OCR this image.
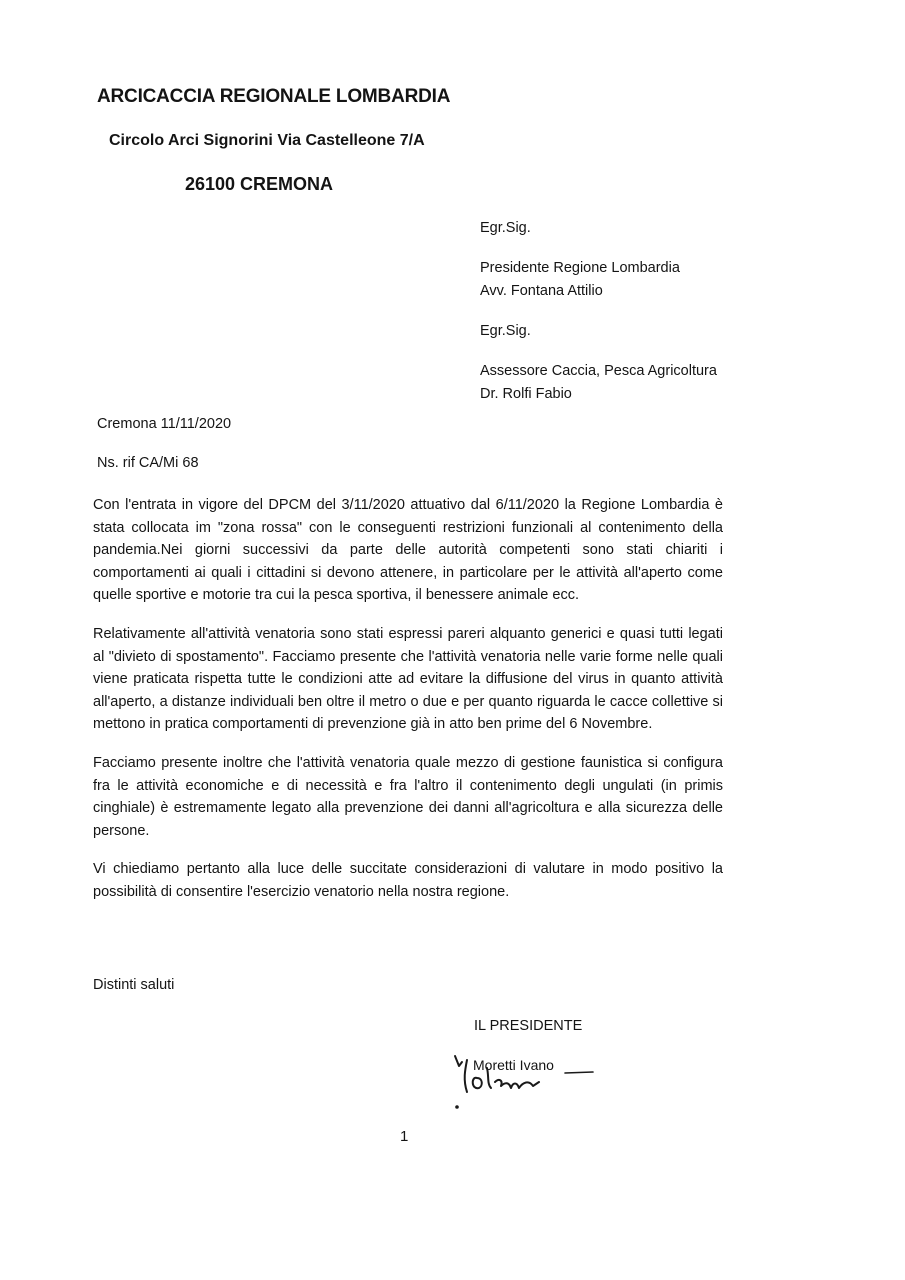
ARCICACCIA REGIONALE LOMBARDIA
Circolo Arci Signorini Via Castelleone 7/A
26100 CREMONA
Egr.Sig.
Presidente Regione Lombardia
Avv. Fontana Attilio
Egr.Sig.
Assessore Caccia, Pesca Agricoltura
Dr. Rolfi Fabio
Cremona 11/11/2020
Ns. rif CA/Mi 68

Con l'entrata in vigore del DPCM del 3/11/2020 attuativo dal 6/11/2020 la Regione Lombardia è stata collocata im "zona rossa" con le conseguenti restrizioni funzionali al contenimento della pandemia.Nei giorni successivi da parte delle autorità competenti sono stati chiariti i comportamenti ai quali i cittadini si devono attenere, in particolare per le attività all'aperto come quelle sportive e motorie tra cui la pesca sportiva, il benessere animale ecc.

Relativamente all'attività venatoria sono stati espressi pareri alquanto generici e quasi tutti legati al "divieto di spostamento". Facciamo presente che l'attività venatoria nelle varie forme nelle quali viene praticata rispetta tutte le condizioni atte ad evitare la diffusione del virus in quanto attività all'aperto, a distanze individuali ben oltre il metro o due e per quanto riguarda le cacce collettive si mettono in pratica comportamenti di prevenzione già in atto ben prime del 6 Novembre.

Facciamo presente inoltre che l'attività venatoria quale mezzo di gestione faunistica si configura fra le attività economiche e di necessità e fra l'altro il contenimento degli ungulati (in primis cinghiale) è estremamente legato alla prevenzione dei danni all'agricoltura e alla sicurezza delle persone.

Vi chiediamo pertanto alla luce delle succitate considerazioni di valutare in modo positivo la possibilità di consentire l'esercizio venatorio nella nostra regione.

Distinti saluti
IL PRESIDENTE
Moretti Ivano
1
